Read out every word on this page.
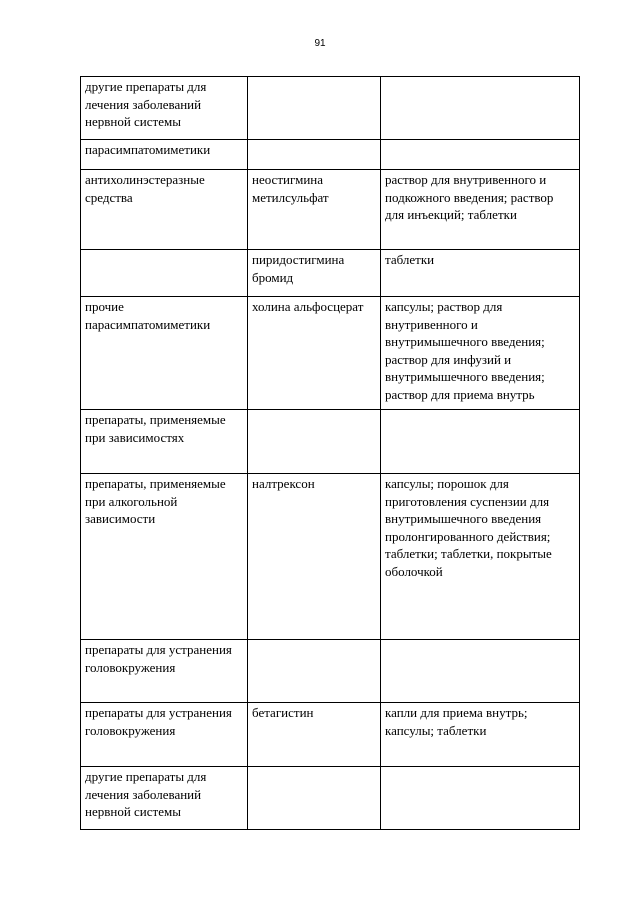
91
другие препараты для лечения заболеваний нервной системы		
парасимпатомиметики		
антихолинэстеразные средства	неостигмина метилсульфат	раствор для внутривенного и подкожного введения; раствор для инъекций; таблетки
	пиридостигмина бромид	таблетки
прочие парасимпатомиметики	холина альфосцерат	капсулы; раствор для внутривенного и внутримышечного введения; раствор для инфузий и внутримышечного введения; раствор для приема внутрь
препараты, применяемые при зависимостях		
препараты, применяемые при алкогольной зависимости	налтрексон	капсулы; порошок для приготовления суспензии для внутримышечного введения пролонгированного действия; таблетки; таблетки, покрытые оболочкой
препараты для устранения головокружения		
препараты для устранения головокружения	бетагистин	капли для приема внутрь; капсулы; таблетки
другие препараты для лечения заболеваний нервной системы		
